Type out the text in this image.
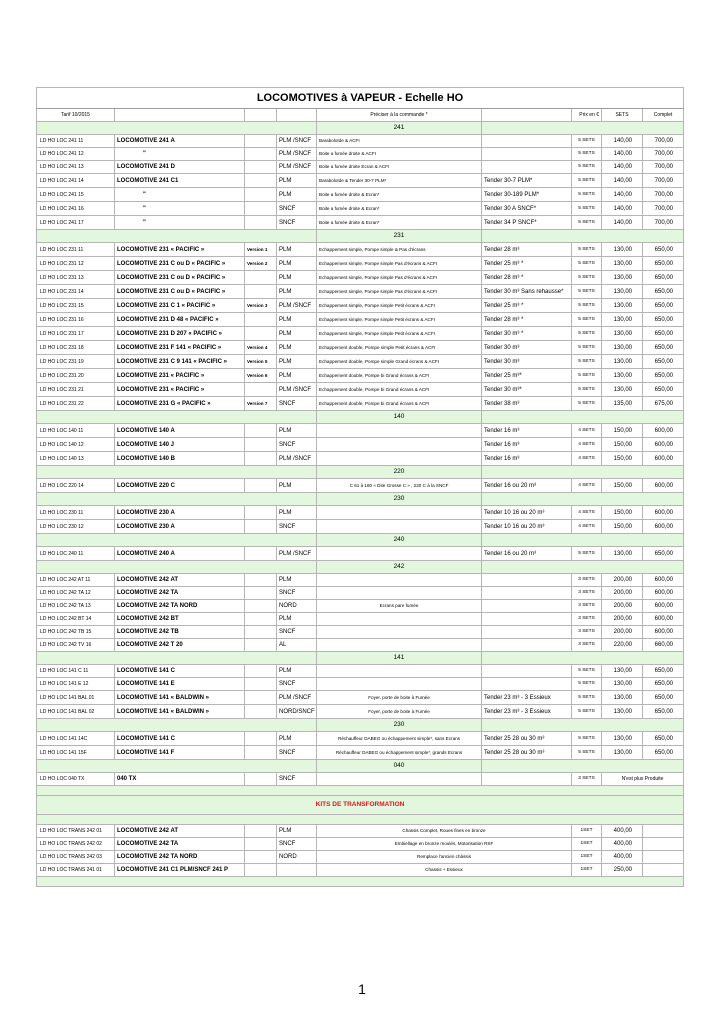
LOCOMOTIVES à VAPEUR - Echelle HO								
Tarif 10/2015				Préciser à la commande *		Prix en €	SETS	Complet
				241				
LD HO LOC 241 11	LOCOMOTIVE 241 A		PLM /SNCF	Baraboloïde & ACFI		5 SETS	140,00	700,00
LD HO LOC 241 12	"		PLM /SNCF	Boite a fumée droite & ACFI		5 SETS	140,00	700,00
LD HO LOC 241 13	LOCOMOTIVE 241 D		PLM /SNCF	Boite a fumée droite Ecran & ACFI		5 SETS	140,00	700,00
LD HO LOC 241 14	LOCOMOTIVE 241 C1		PLM	Baraboloïde & Tender 30-7 PLM*	Tender 30-7 PLM*	5 SETS	140,00	700,00
LD HO LOC 241 15	"		PLM	Boite a fumée droite & Ecran*	Tender 30-189 PLM*	5 SETS	140,00	700,00
LD HO LOC 241 16	"		SNCF	Boite a fumée droite & Ecran*	Tender 30 A SNCF*	5 SETS	140,00	700,00
LD HO LOC 241 17	"		SNCF	Boite a fumée droite & Ecran*	Tender 34 P SNCF*	5 SETS	140,00	700,00
				231				
LD HO LOC 231 11	LOCOMOTIVE 231 « PACIFIC »	Version 1	PLM	Echappement simple, Pompe simple & Pas d'écrans	Tender 28 m³	5 SETS	130,00	650,00
LD HO LOC 231 12	LOCOMOTIVE 231 C ou D « PACIFIC »	Version 2	PLM	Echappement simple, Pompe simple Pas d'écrans & ACFI	Tender 25 m³ *	5 SETS	130,00	650,00
LD HO LOC 231 13	LOCOMOTIVE 231 C ou D « PACIFIC »		PLM	Echappement simple, Pompe simple Pas d'écrans & ACFI	Tender 28 m³ *	5 SETS	130,00	650,00
LD HO LOC 231 14	LOCOMOTIVE 231 C ou D « PACIFIC »		PLM	Echappement simple, Pompe simple Pas d'écrans & ACFI	Tender 30 m³ Sans rehausse*	5 SETS	130,00	650,00
LD HO LOC 231 15	LOCOMOTIVE 231 C 1 « PACIFIC »	Version 3	PLM /SNCF	Echappement simple, Pompe simple Petit écrans & ACFI	Tender 25 m³ *	5 SETS	130,00	650,00
LD HO LOC 231 16	LOCOMOTIVE 231 D 48 « PACIFIC »		PLM	Echappement simple, Pompe simple Petit écrans & ACFI	Tender 28 m³ *	5 SETS	130,00	650,00
LD HO LOC 231 17	LOCOMOTIVE 231 D 207 « PACIFIC »		PLM	Echappement simple, Pompe simple Petit écrans & ACFI	Tender 30 m³ *	5 SETS	130,00	650,00
LD HO LOC 231 18	LOCOMOTIVE 231 F 141 « PACIFIC »	Version 4	PLM	Echappement double, Pompe simple Petit écrans & ACFI	Tender 30 m³	5 SETS	130,00	650,00
LD HO LOC 231 19	LOCOMOTIVE 231 C 9 141 « PACIFIC »	Version 5	PLM	Echappement double, Pompe simple Grand écrans & ACFI	Tender 30 m³	5 SETS	130,00	650,00
LD HO LOC 231 20	LOCOMOTIVE 231 « PACIFIC »	Version 6	PLM	Echappement double, Pompe bi Grand écrans & ACFI	Tender 25 m³*	5 SETS	130,00	650,00
LD HO LOC 231 21	LOCOMOTIVE 231 « PACIFIC »		PLM /SNCF	Echappement double, Pompe bi Grand écrans & ACFI	Tender 30 m³*	5 SETS	130,00	650,00
LD HO LOC 231 22	LOCOMOTIVE 231 G « PACIFIC »	Version 7	SNCF	Echappement double, Pompe bi Grand écrans & ACFI	Tender 38 m³	5 SETS	135,00	675,00
				140				
LD HO LOC 140 11	LOCOMOTIVE 140 A		PLM		Tender 16 m³	4 SETS	150,00	600,00
LD HO LOC 140 12	LOCOMOTIVE 140 J		SNCF		Tender 16 m³	4 SETS	150,00	600,00
LD HO LOC 140 13	LOCOMOTIVE 140 B		PLM /SNCF		Tender 16 m³	4 SETS	150,00	600,00
				220				
LD HO LOC 220 14	LOCOMOTIVE 220 C		PLM	C 61 à 180 « Dite Grosse C » , 220 C à la SNCF	Tender 16 ou 20 m³	4 SETS	150,00	600,00
				230				
LD HO LOC 230 11	LOCOMOTIVE 230 A		PLM		Tender 10 16 ou 20 m³	4 SETS	150,00	600,00
LD HO LOC 230 12	LOCOMOTIVE 230 A		SNCF		Tender 10 16 ou 20 m³	4 SETS	150,00	600,00
				240				
LD HO LOC 240 11	LOCOMOTIVE 240 A		PLM /SNCF		Tender 16 ou 20 m³	5 SETS	130,00	650,00
				242				
LD HO LOC 242 AT 11	LOCOMOTIVE 242 AT		PLM			3 SETS	200,00	600,00
LD HO LOC 242 TA 12	LOCOMOTIVE 242 TA		SNCF			3 SETS	200,00	600,00
LD HO LOC 242 TA 13	LOCOMOTIVE 242 TA NORD		NORD	Ecrans pare fumée		3 SETS	200,00	600,00
LD HO LOC 242 BT 14	LOCOMOTIVE 242 BT		PLM			3 SETS	200,00	600,00
LD HO LOC 242 TB 15	LOCOMOTIVE 242 TB		SNCF			3 SETS	200,00	600,00
LD HO LOC 242 TV 16	LOCOMOTIVE 242 T 20		AL			3 SETS	220,00	660,00
				141				
LD HO LOC 141 C 11	LOCOMOTIVE 141 C		PLM			5 SETS	130,00	650,00
LD HO LOC 141 E 12	LOCOMOTIVE 141 E		SNCF			5 SETS	130,00	650,00
LD HO LOC 141 BAL 01	LOCOMOTIVE 141 « BALDWIN »		PLM /SNCF	Foyer, porte de boite à Fumée	Tender 23 m³ - 3 Essieux	5 SETS	130,00	650,00
LD HO LOC 141 BAL 02	LOCOMOTIVE 141 « BALDWIN »		NORD/SNCF	Foyer, porte de boite à Fumée	Tender 23 m³ - 3 Essieux	5 SETS	130,00	650,00
				230				
LD HO LOC 141 14C	LOCOMOTIVE 141 C		PLM	Réchauffeur DABEG ou échappement simple*, sans Ecrans	Tender 25 28 ou 30 m³	5 SETS	130,00	650,00
LD HO LOC 141 15F	LOCOMOTIVE 141 F		SNCF	Réchauffeur DABEG ou échappement simple*, grands Ecrans	Tender 25 28 ou 30 m³	5 SETS	130,00	650,00
				040				
LD HO LOC 040 TX	040 TX		SNCF			3 SETS	N'est plus Produite	

KITS DE TRANSFORMATION								

LD HO LOC TRANS 242 01	LOCOMOTIVE 242 AT		PLM	Chassis Complet, Roues fines en bronze		1SET	400,00	
LD HO LOC TRANS 242 02	LOCOMOTIVE 242 TA		SNCF	Embiellage en bronze moulés, Motorisation RSF		1SET	400,00	
LD HO LOC TRANS 242 03	LOCOMOTIVE 242 TA NORD		NORD	Remplace l'ancien châssis		1SET	400,00	
LD HO LOC TRANS 241 01	LOCOMOTIVE 241 C1 PLM/SNCF 241 P			Chassis + Essieux		1SET	250,00	

1
